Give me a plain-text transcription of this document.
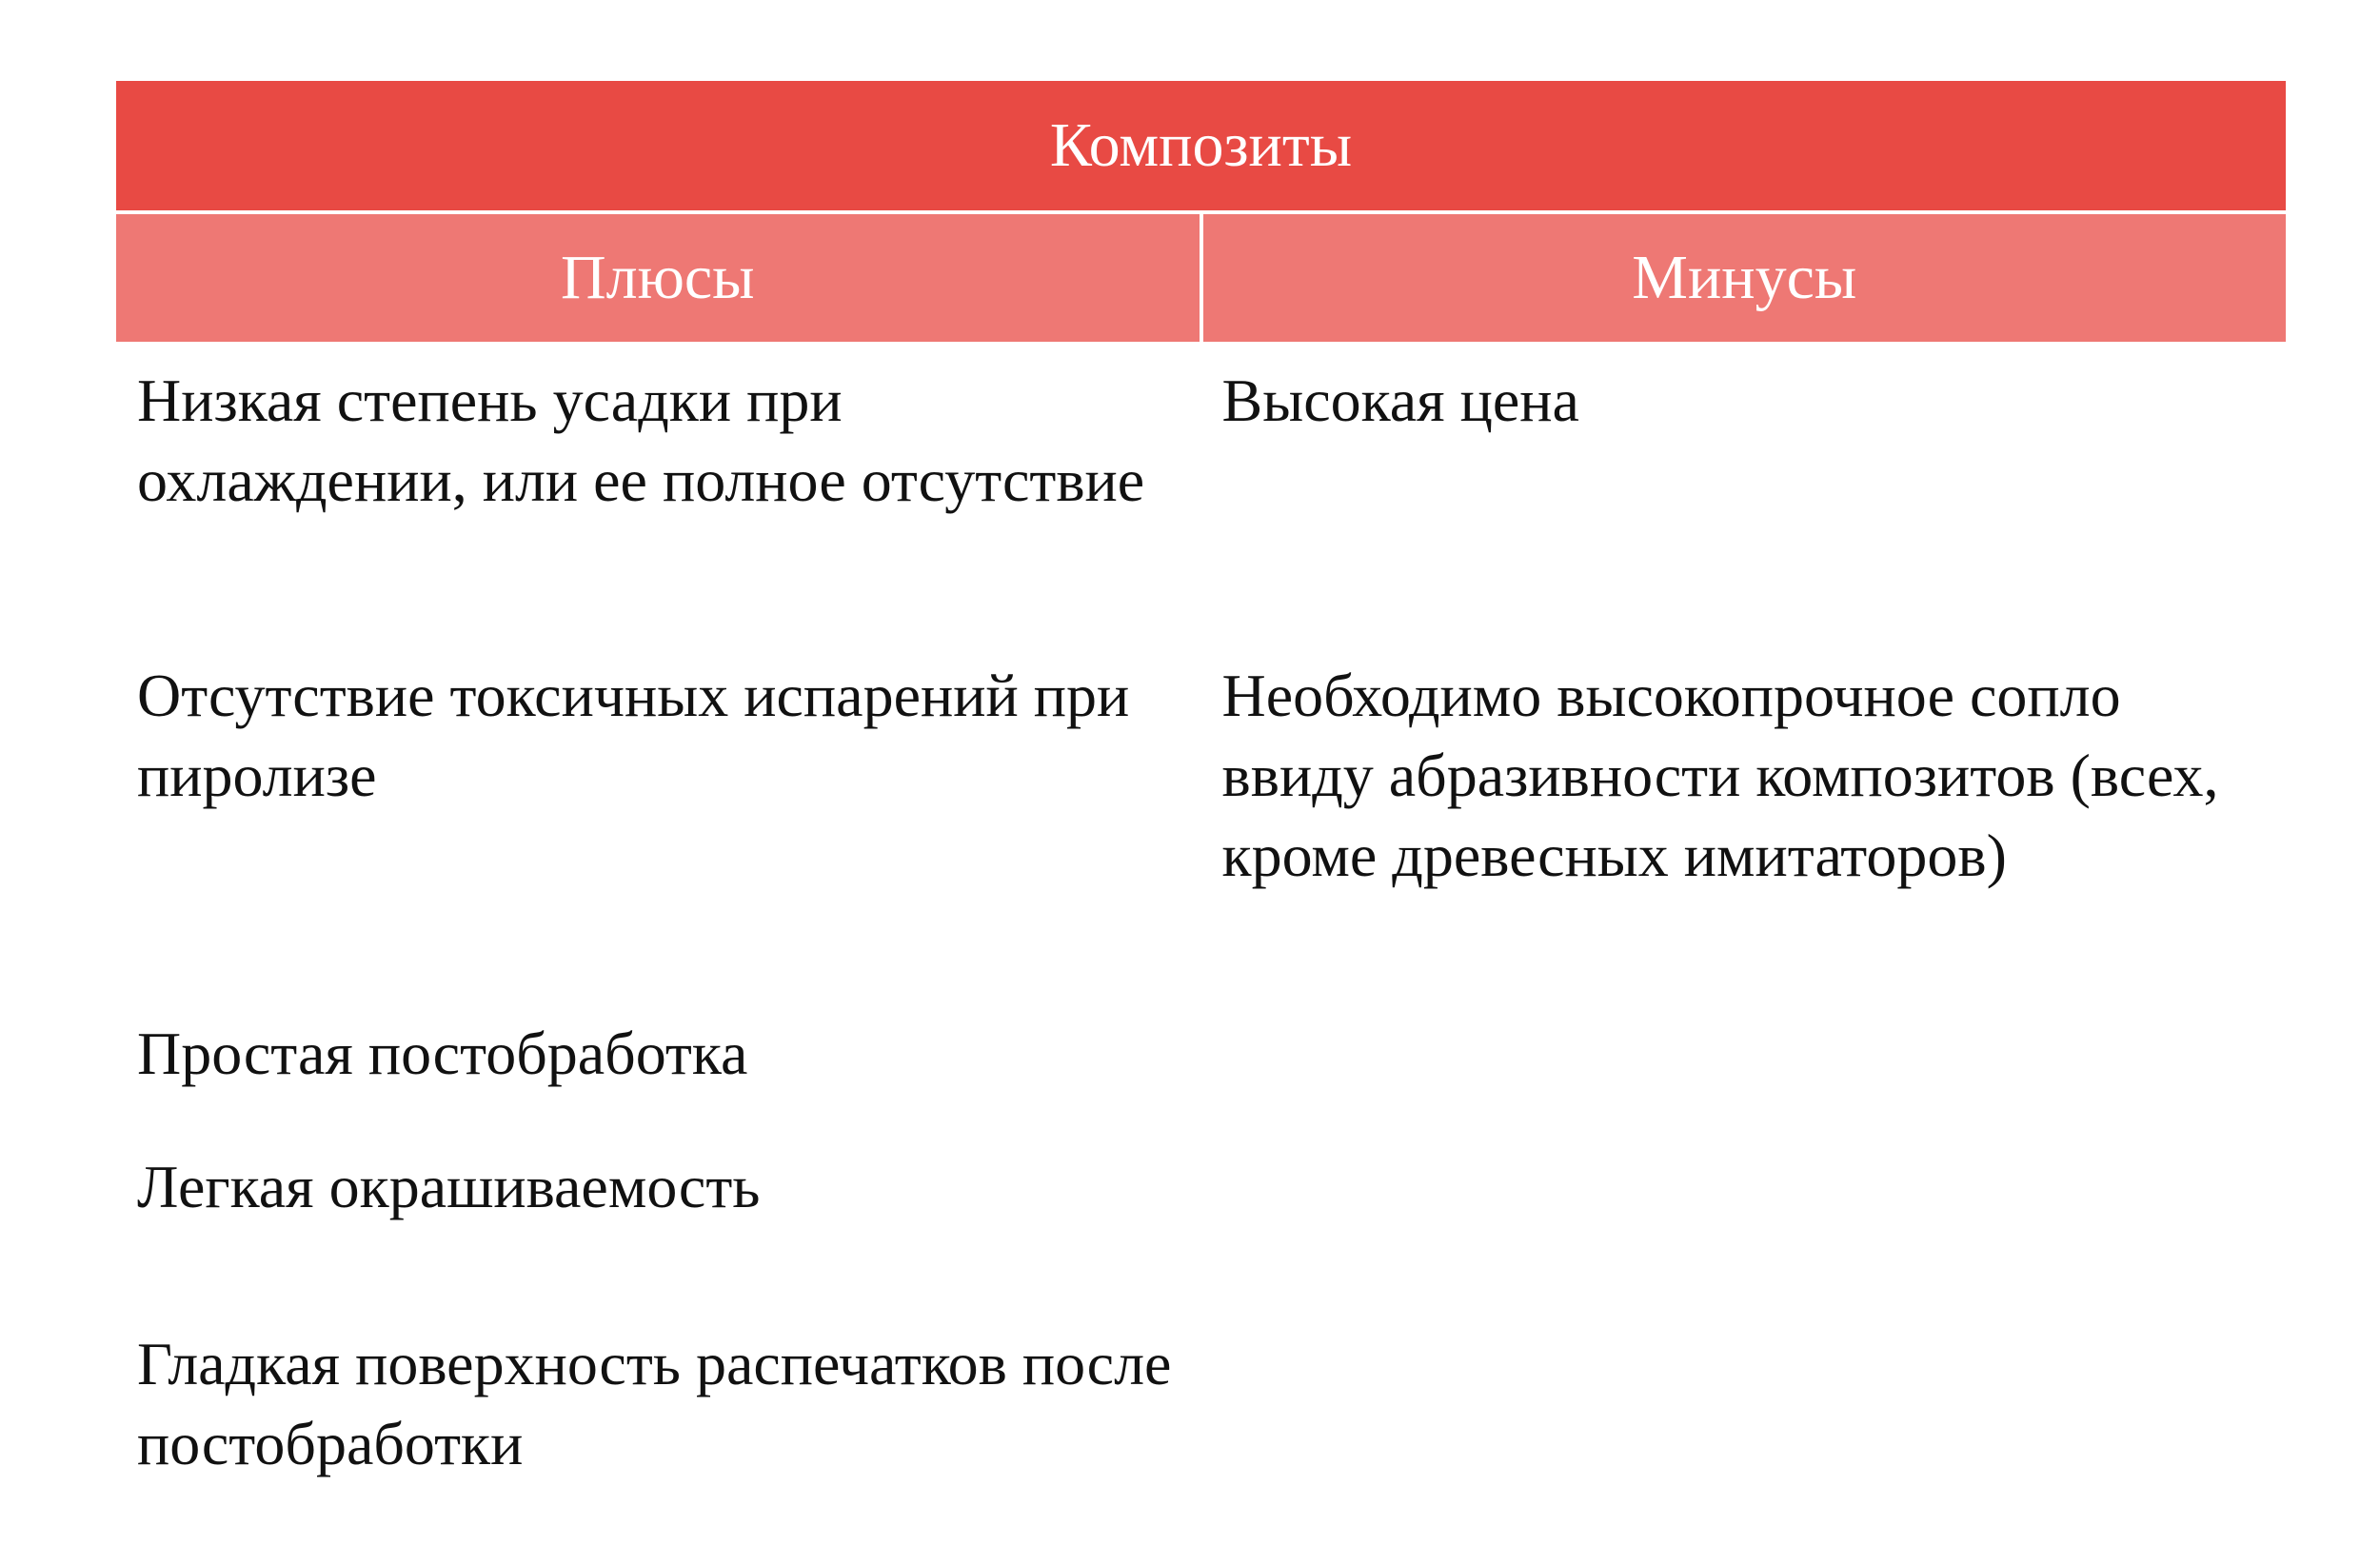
Композиты
Плюсы	Минусы
Низкая степень усадки при охлаждении, или ее полное отсутствие
Высокая цена
Отсутствие токсичных испарений при пиролизе
Необходимо высокопрочное сопло ввиду абразивности композитов (всех, кроме древесных имитаторов)
Простая постобработка
Легкая окрашиваемость
Гладкая поверхность распечатков после постобработки
